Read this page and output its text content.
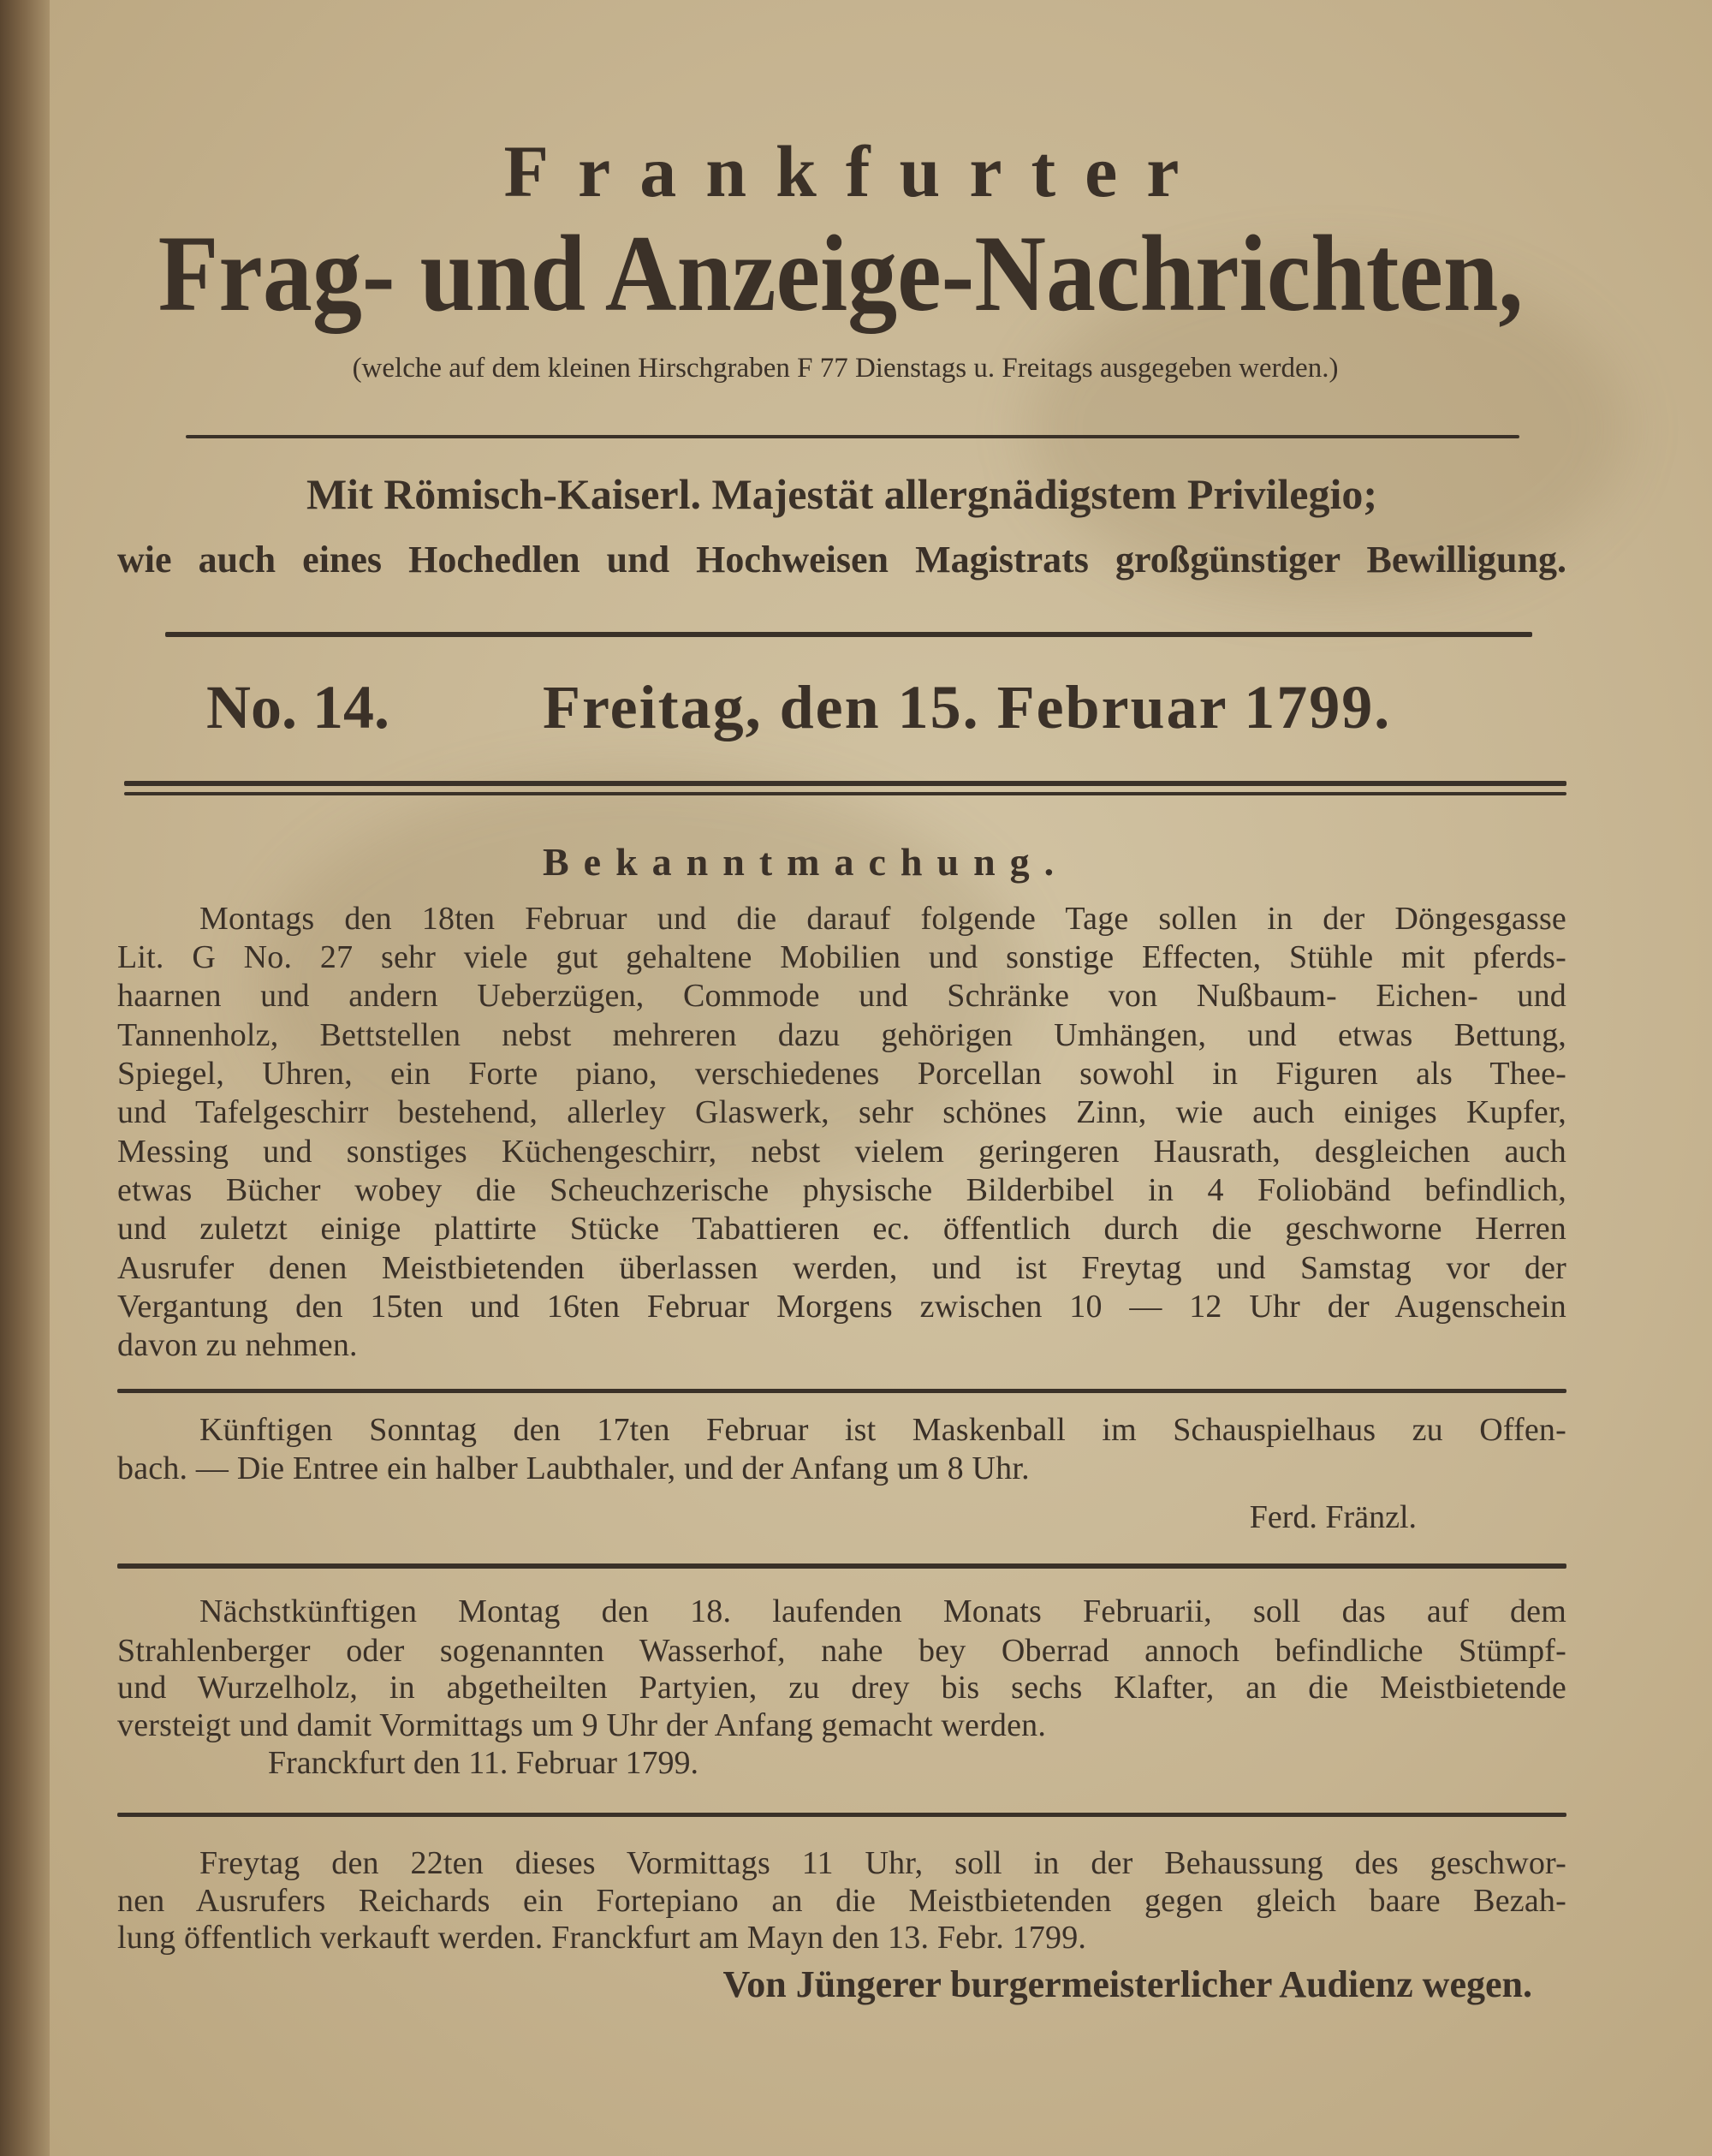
Frankfurter
Frag- und Anzeige-Nachrichten,
(welche auf dem kleinen Hirschgraben F 77 Dienstags u. Freitags ausgegeben werden.)
Mit Römisch-Kaiserl. Majestät allergnädigstem Privilegio;
wie auch eines Hochedlen und Hochweisen Magistrats großgünstiger Bewilligung.
No. 14. Freitag, den 15. Februar 1799.
Bekanntmachung.
Montags den 18ten Februar und die darauf folgende Tage sollen in der Döngesgasse
Lit. G No. 27 sehr viele gut gehaltene Mobilien und sonstige Effecten, Stühle mit pferds-
haarnen und andern Ueberzügen, Commode und Schränke von Nußbaum- Eichen- und
Tannenholz, Bettstellen nebst mehreren dazu gehörigen Umhängen, und etwas Bettung,
Spiegel, Uhren, ein Forte piano, verschiedenes Porcellan sowohl in Figuren als Thee-
und Tafelgeschirr bestehend, allerley Glaswerk, sehr schönes Zinn, wie auch einiges Kupfer,
Messing und sonstiges Küchengeschirr, nebst vielem geringeren Hausrath, desgleichen auch
etwas Bücher wobey die Scheuchzerische physische Bilderbibel in 4 Foliobänd befindlich,
und zuletzt einige plattirte Stücke Tabattieren ec. öffentlich durch die geschworne Herren
Ausrufer denen Meistbietenden überlassen werden, und ist Freytag und Samstag vor der
Vergantung den 15ten und 16ten Februar Morgens zwischen 10 — 12 Uhr der Augenschein
davon zu nehmen.
Künftigen Sonntag den 17ten Februar ist Maskenball im Schauspielhaus zu Offen-
bach. — Die Entree ein halber Laubthaler, und der Anfang um 8 Uhr.
Ferd. Fränzl.
Nächstkünftigen Montag den 18. laufenden Monats Februarii, soll das auf dem
Strahlenberger oder sogenannten Wasserhof, nahe bey Oberrad annoch befindliche Stümpf-
und Wurzelholz, in abgetheilten Partyien, zu drey bis sechs Klafter, an die Meistbietende
versteigt und damit Vormittags um 9 Uhr der Anfang gemacht werden.
Franckfurt den 11. Februar 1799.
Freytag den 22ten dieses Vormittags 11 Uhr, soll in der Behaussung des geschwor-
nen Ausrufers Reichards ein Fortepiano an die Meistbietenden gegen gleich baare Bezah-
lung öffentlich verkauft werden. Franckfurt am Mayn den 13. Febr. 1799.
Von Jüngerer burgermeisterlicher Audienz wegen.
